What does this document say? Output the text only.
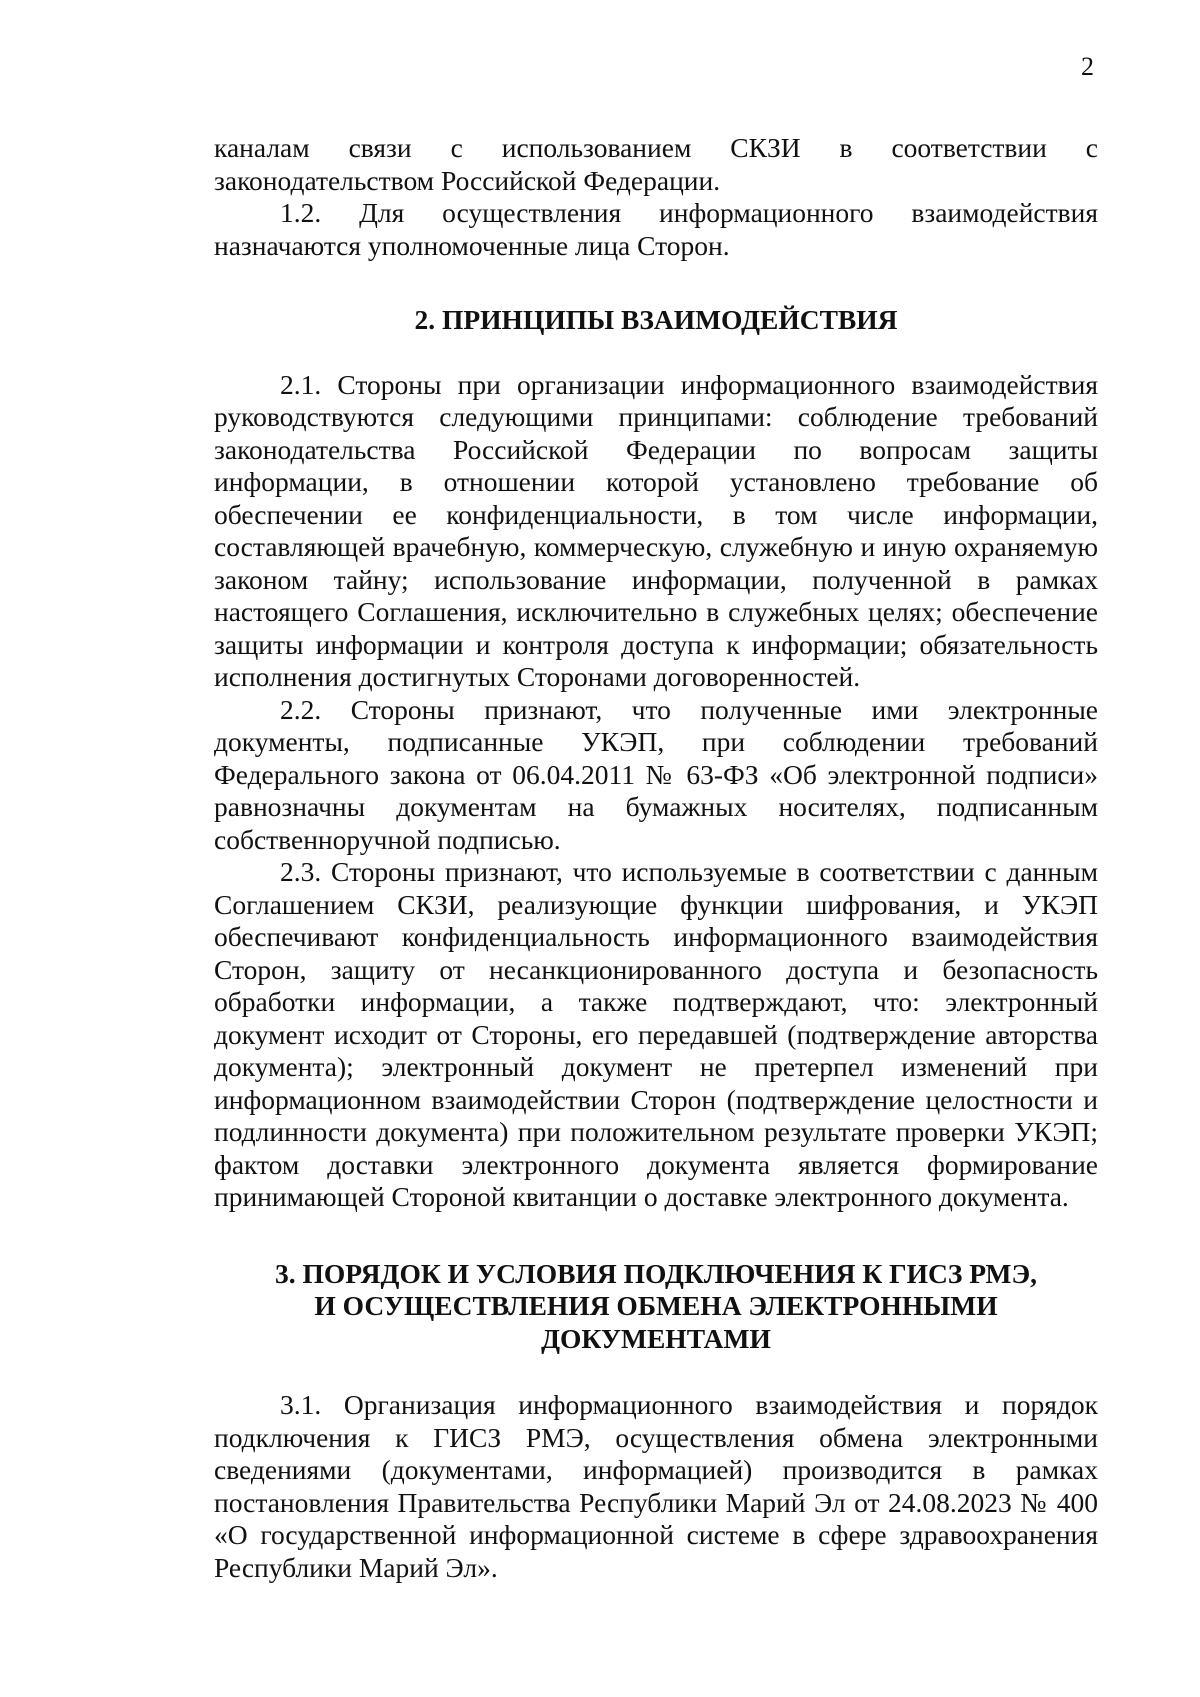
2

каналам связи с использованием СКЗИ в соответствии с законодательством Российской Федерации.

1.2. Для осуществления информационного взаимодействия назначаются уполномоченные лица Сторон.

2. ПРИНЦИПЫ ВЗАИМОДЕЙСТВИЯ

2.1. Стороны при организации информационного взаимодействия руководствуются следующими принципами: соблюдение требований законодательства Российской Федерации по вопросам защиты информации, в отношении которой установлено требование об обеспечении ее конфиденциальности, в том числе информации, составляющей врачебную, коммерческую, служебную и иную охраняемую законом тайну; использование информации, полученной в рамках настоящего Соглашения, исключительно в служебных целях; обеспечение защиты информации и контроля доступа к информации; обязательность исполнения достигнутых Сторонами договоренностей.

2.2. Стороны признают, что полученные ими электронные документы, подписанные УКЭП, при соблюдении требований Федерального закона от 06.04.2011 № 63-ФЗ «Об электронной подписи» равнозначны документам на бумажных носителях, подписанным собственноручной подписью.

2.3. Стороны признают, что используемые в соответствии с данным Соглашением СКЗИ, реализующие функции шифрования, и УКЭП обеспечивают конфиденциальность информационного взаимодействия Сторон, защиту от несанкционированного доступа и безопасность обработки информации, а также подтверждают, что: электронный документ исходит от Стороны, его передавшей (подтверждение авторства документа); электронный документ не претерпел изменений при информационном взаимодействии Сторон (подтверждение целостности и подлинности документа) при положительном результате проверки УКЭП; фактом доставки электронного документа является формирование принимающей Стороной квитанции о доставке электронного документа.

3. ПОРЯДОК И УСЛОВИЯ ПОДКЛЮЧЕНИЯ К ГИСЗ РМЭ,
И ОСУЩЕСТВЛЕНИЯ ОБМЕНА ЭЛЕКТРОННЫМИ
ДОКУМЕНТАМИ

3.1. Организация информационного взаимодействия и порядок подключения к ГИСЗ РМЭ, осуществления обмена электронными сведениями (документами, информацией) производится в рамках постановления Правительства Республики Марий Эл от 24.08.2023 № 400 «О государственной информационной системе в сфере здравоохранения Республики Марий Эл».
